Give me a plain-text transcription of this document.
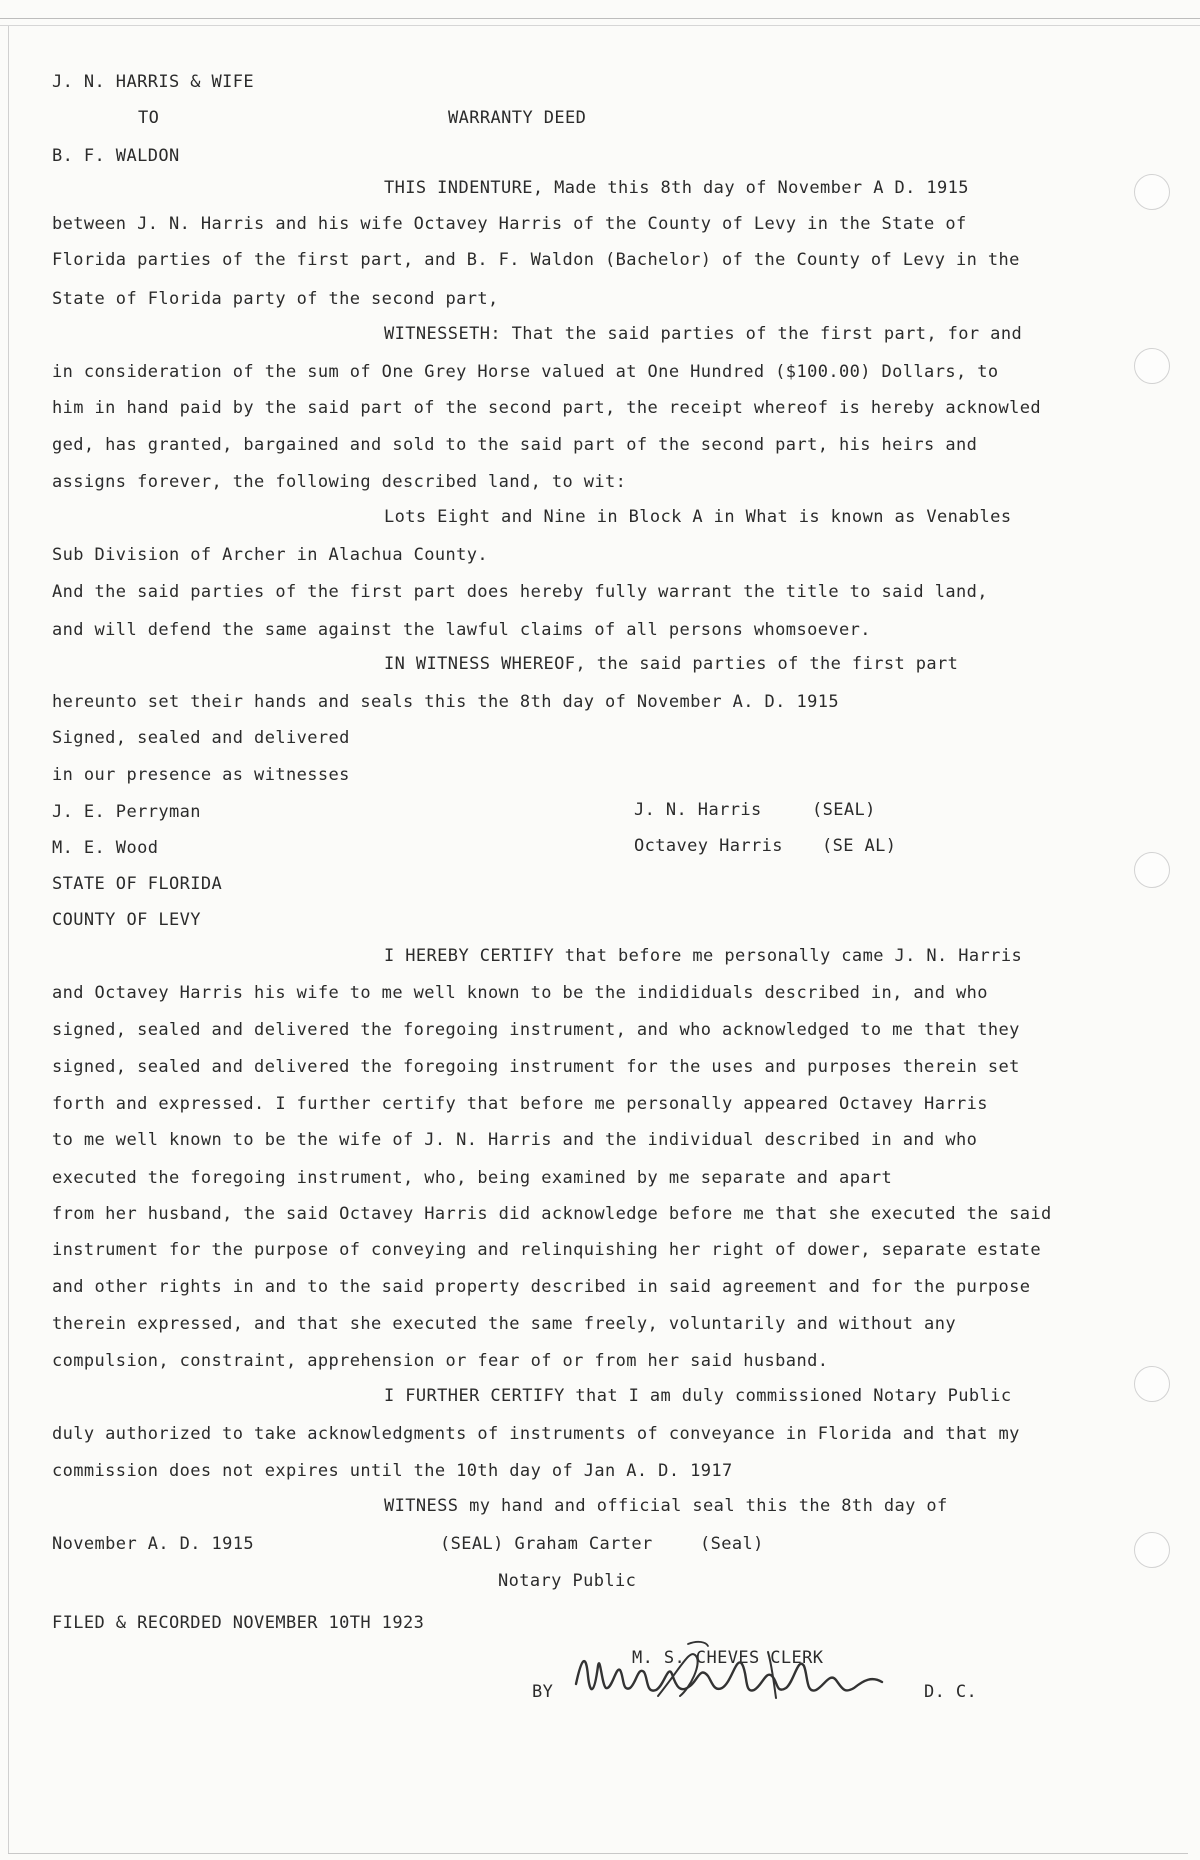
J. N. HARRIS & WIFE
TO	WARRANTY DEED
B. F. WALDON
THIS INDENTURE, Made this 8th day of November A D. 1915
between J. N. Harris and his wife Octavey Harris of the County of Levy in the State of
Florida parties of the first part, and B. F. Waldon (Bachelor) of the County of Levy in the
State of Florida party of the second part,
WITNESSETH: That the said parties of the first part, for and
in consideration of the sum of One Grey Horse valued at One Hundred ($100.00) Dollars, to
him in hand paid by the said part of the second part, the receipt whereof is hereby acknowled
ged, has granted, bargained and sold to the said part of the second part, his heirs and
assigns forever, the following described land, to wit:
Lots Eight and Nine in Block A in What is known as Venables
Sub Division of Archer in Alachua County.
And the said parties of the first part does hereby fully warrant the title to said land,
and will defend the same against the lawful claims of all persons whomsoever.
IN WITNESS WHEREOF, the said parties of the first part
hereunto set their hands and seals this the 8th day of November A. D. 1915
Signed, sealed and delivered
in our presence as witnesses
J. E. Perryman
M. E. Wood
J. N. Harris	(SEAL)
Octavey Harris (SE AL)
STATE OF FLORIDA
COUNTY OF LEVY
I HEREBY CERTIFY that before me personally came J. N. Harris
and Octavey Harris his wife to me well known to be the indididuals described in, and who
signed, sealed and delivered the foregoing instrument, and who acknowledged to me that they
signed, sealed and delivered the foregoing instrument for the uses and purposes therein set
forth and expressed. I further certify that before me personally appeared Octavey Harris
to me well known to be the wife of J. N. Harris and the individual described in and who
executed the foregoing instrument, who, being examined by me separate and apart
from her husband, the said Octavey Harris did acknowledge before me that she executed the said
instrument for the purpose of conveying and relinquishing her right of dower, separate estate
and other rights in and to the said property described in said agreement and for the purpose
therein expressed, and that she executed the same freely, voluntarily and without any
compulsion, constraint, apprehension or fear of or from her said husband.
I FURTHER CERTIFY that I am duly commissioned Notary Public
duly authorized to take acknowledgments of instruments of conveyance in Florida and that my
commission does not expires until the 10th day of Jan A. D. 1917
WITNESS my hand and official seal this the 8th day of
November A. D. 1915	(SEAL) Graham Carter	(Seal)
Notary Public
FILED & RECORDED NOVEMBER 10TH 1923
M. S. CHEVES CLERK
BY	D. C.
